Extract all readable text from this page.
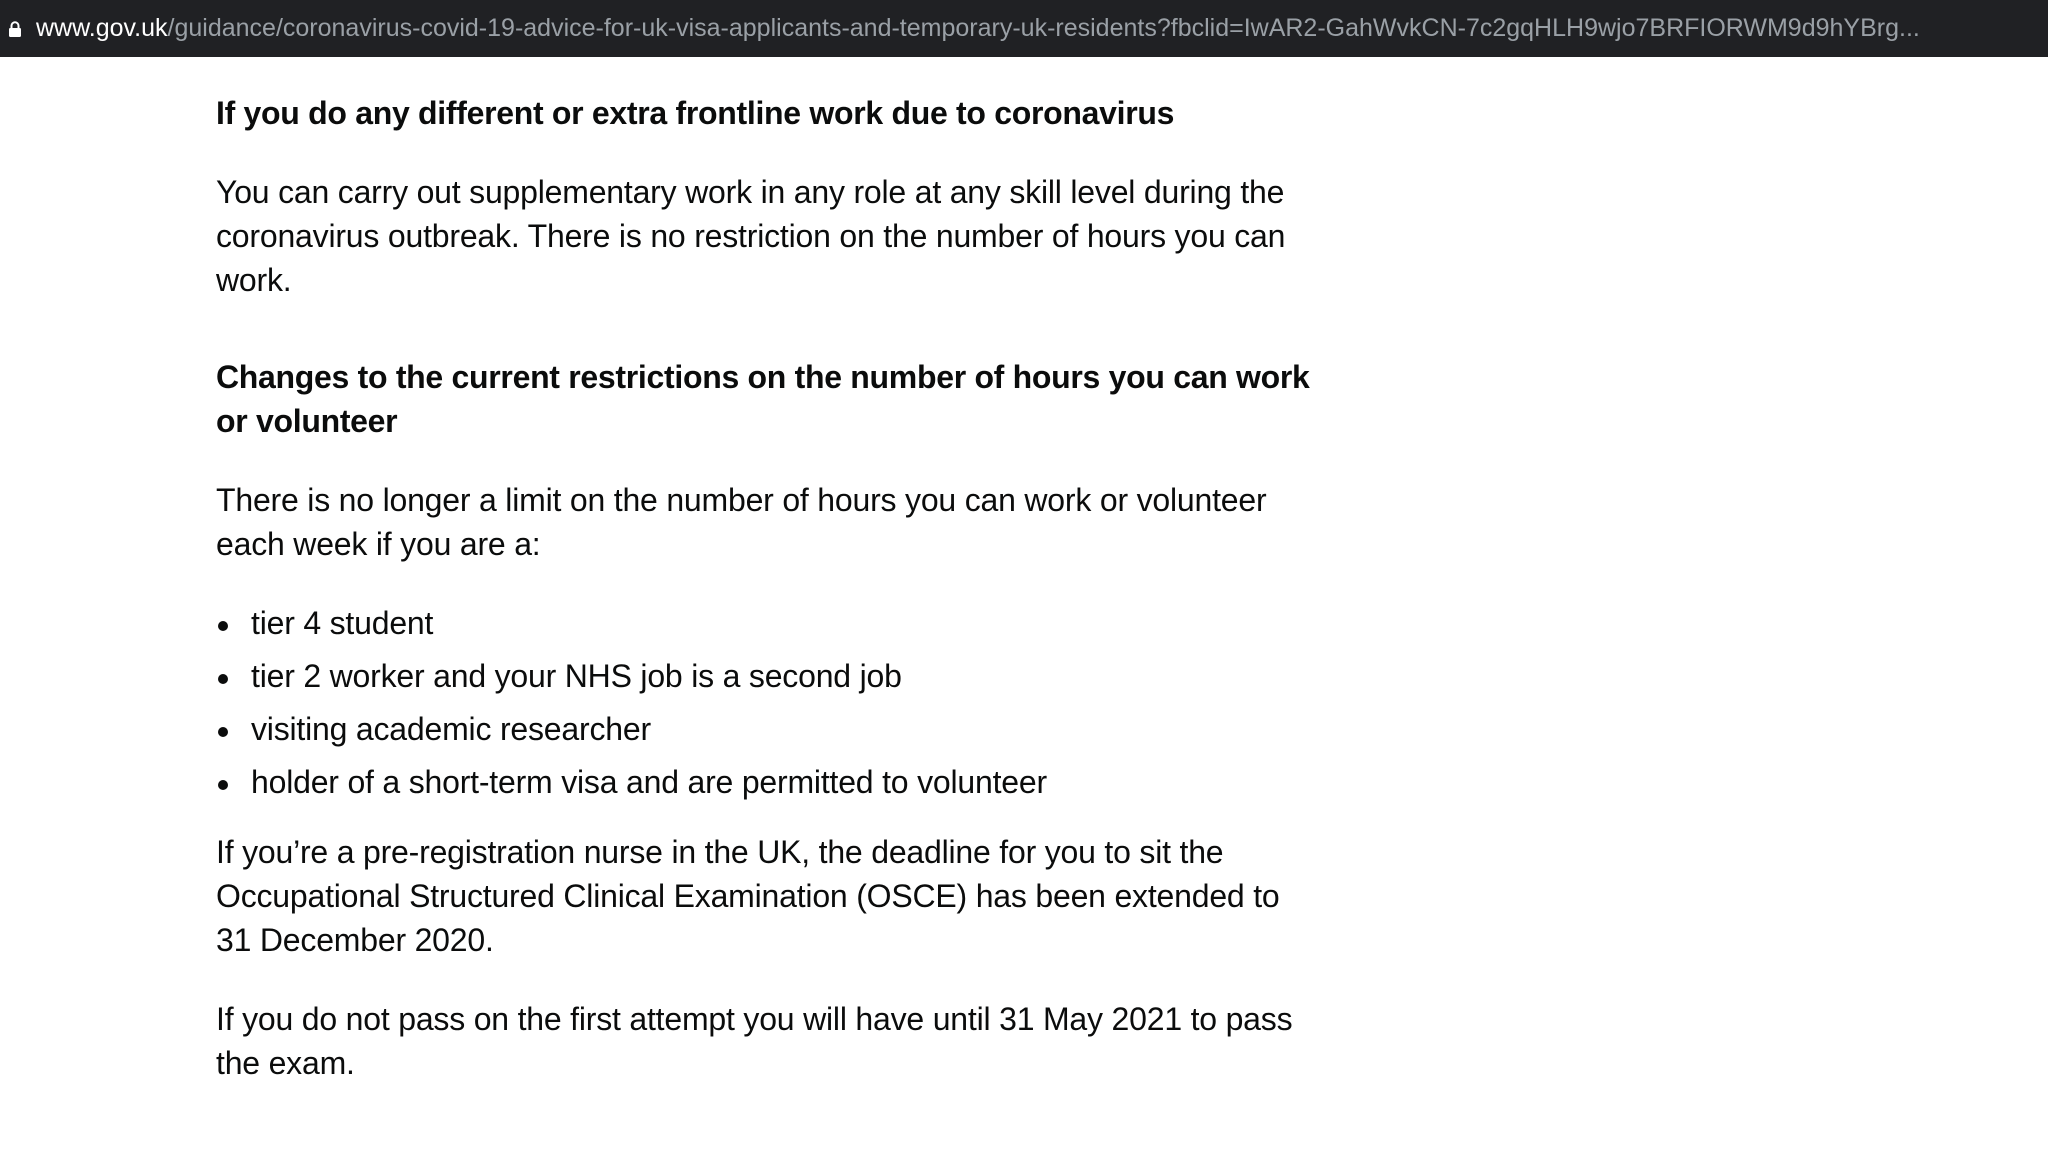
www.gov.uk/guidance/coronavirus-covid-19-advice-for-uk-visa-applicants-and-temporary-uk-residents?fbclid=IwAR2-GahWvkCN-7c2gqHLH9wjo7BRFIORWM9d9hYBrg...
If you do any different or extra frontline work due to coronavirus

You can carry out supplementary work in any role at any skill level during the coronavirus outbreak. There is no restriction on the number of hours you can work.

Changes to the current restrictions on the number of hours you can work or volunteer

There is no longer a limit on the number of hours you can work or volunteer each week if you are a:

tier 4 student
tier 2 worker and your NHS job is a second job
visiting academic researcher
holder of a short-term visa and are permitted to volunteer

If you’re a pre-registration nurse in the UK, the deadline for you to sit the Occupational Structured Clinical Examination (OSCE) has been extended to 31 December 2020.

If you do not pass on the first attempt you will have until 31 May 2021 to pass the exam.
